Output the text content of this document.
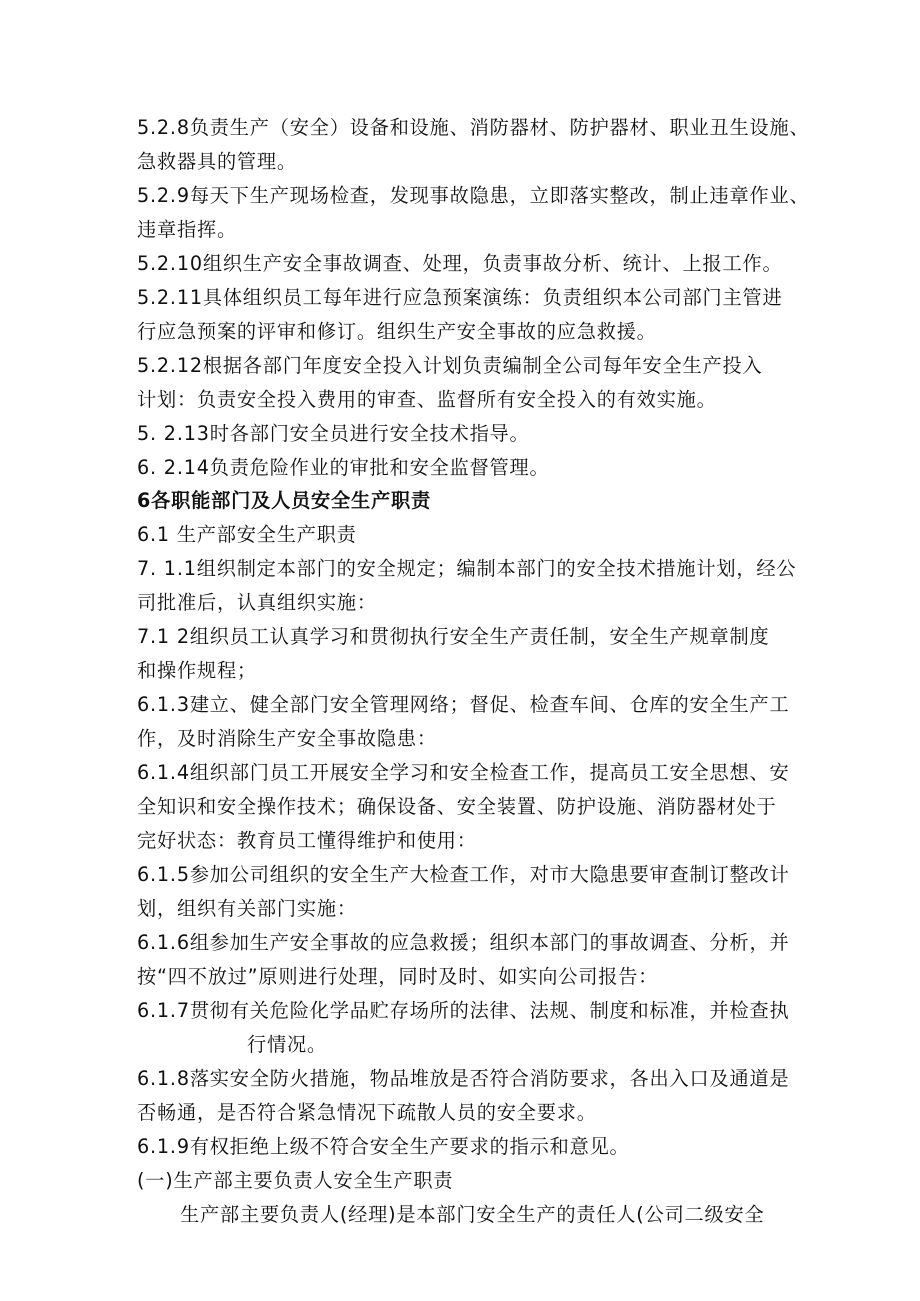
5.2.8负责生产（安全）设备和设施、消防器材、防护器材、职业丑生设施、
急救器具的管理。
5.2.9每天下生产现场检查，发现事故隐患，立即落实整改，制止违章作业、
违章指挥。
5.2.10组织生产安全事故调查、处理，负责事故分析、统计、上报工作。
5.2.11具体组织员工每年进行应急预案演练：负责组织本公司部门主管进
行应急预案的评审和修订。组织生产安全事故的应急救援。
5.2.12根据各部门年度安全投入计划负责编制全公司每年安全生产投入
计划：负责安全投入费用的审查、监督所有安全投入的有效实施。
5. 2.13时各部门安全员进行安全技术指导。
6. 2.14负责危险作业的审批和安全监督管理。
6各职能部门及人员安全生产职责
6.1 生产部安全生产职责
7. 1.1组织制定本部门的安全规定；编制本部门的安全技术措施计划，经公
司批准后，认真组织实施：
7.1 2组织员工认真学习和贯彻执行安全生产责任制，安全生产规章制度
和操作规程；
6.1.3建立、健全部门安全管理网络；督促、检查车间、仓库的安全生产工
作，及时消除生产安全事故隐患：
6.1.4组织部门员工开展安全学习和安全检查工作，提高员工安全思想、安
全知识和安全操作技术；确保设备、安全装置、防护设施、消防器材处于
完好状态：教育员工懂得维护和使用：
6.1.5参加公司组织的安全生产大检查工作，对市大隐患要审查制订整改计
划，组织有关部门实施：
6.1.6组参加生产安全事故的应急救援；组织本部门的事故调查、分析，并
按“四不放过”原则进行处理，同时及时、如实向公司报告：
6.1.7贯彻有关危险化学品贮存场所的法律、法规、制度和标准，并检查执
行情况。
6.1.8落实安全防火措施，物品堆放是否符合消防要求，各出入口及通道是
否畅通，是否符合紧急情况下疏散人员的安全要求。
6.1.9有权拒绝上级不符合安全生产要求的指示和意见。
(一)生产部主要负责人安全生产职责
生产部主要负责人(经理)是本部门安全生产的责任人(公司二级安全
